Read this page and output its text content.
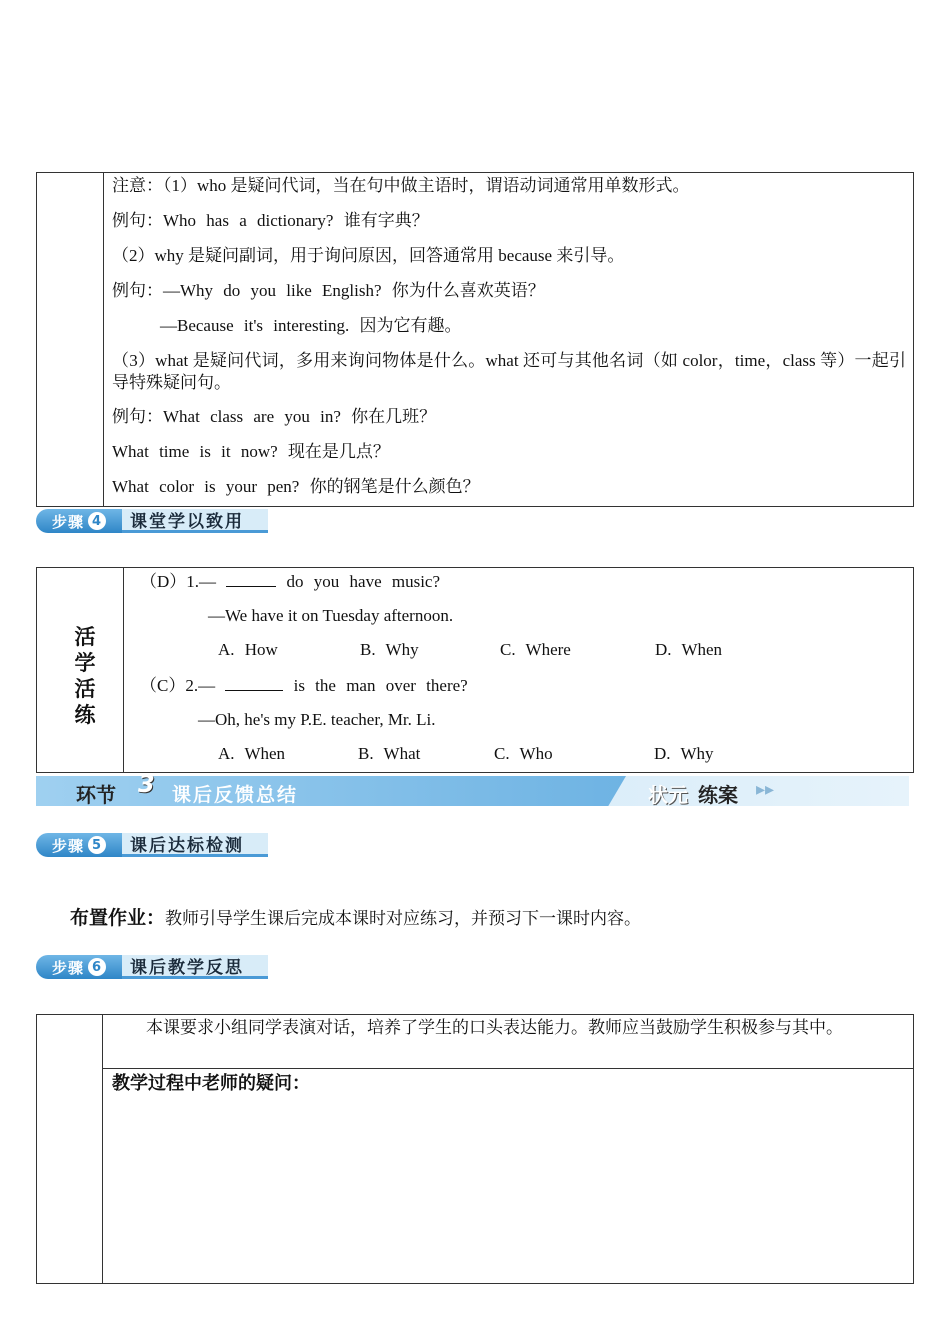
注意：（1）who 是疑问代词，当在句中做主语时，谓语动词通常用单数形式。
例句：Who has a dictionary? 谁有字典？
（2）why 是疑问副词，用于询问原因，回答通常用 because 来引导。
例句：—Why do you like English? 你为什么喜欢英语？
—Because it's interesting. 因为它有趣。
（3）what 是疑问代词，多用来询问物体是什么。what 还可与其他名词（如 color，time，class 等）一起引导特殊疑问句。
例句：What class are you in? 你在几班？
What time is it now? 现在是几点？
What color is your pen? 你的钢笔是什么颜色？
步骤 4	课堂学以致用
活学活练
（D）1.—	do you have music?
—We have it on Tuesday afternoon.
A. How	B. Why	C. Where	D. When
（C）2.—	is the man over there?
—Oh, he's my P.E. teacher, Mr. Li.
A. When	B. What	C. Who	D. Why
环节 3 课后反馈总结	状元 练案 ▸▸
步骤 5	课后达标检测
布置作业：教师引导学生课后完成本课时对应练习，并预习下一课时内容。
步骤 6	课后教学反思
本课要求小组同学表演对话，培养了学生的口头表达能力。教师应当鼓励学生积极参与其中。
教学过程中老师的疑问：
